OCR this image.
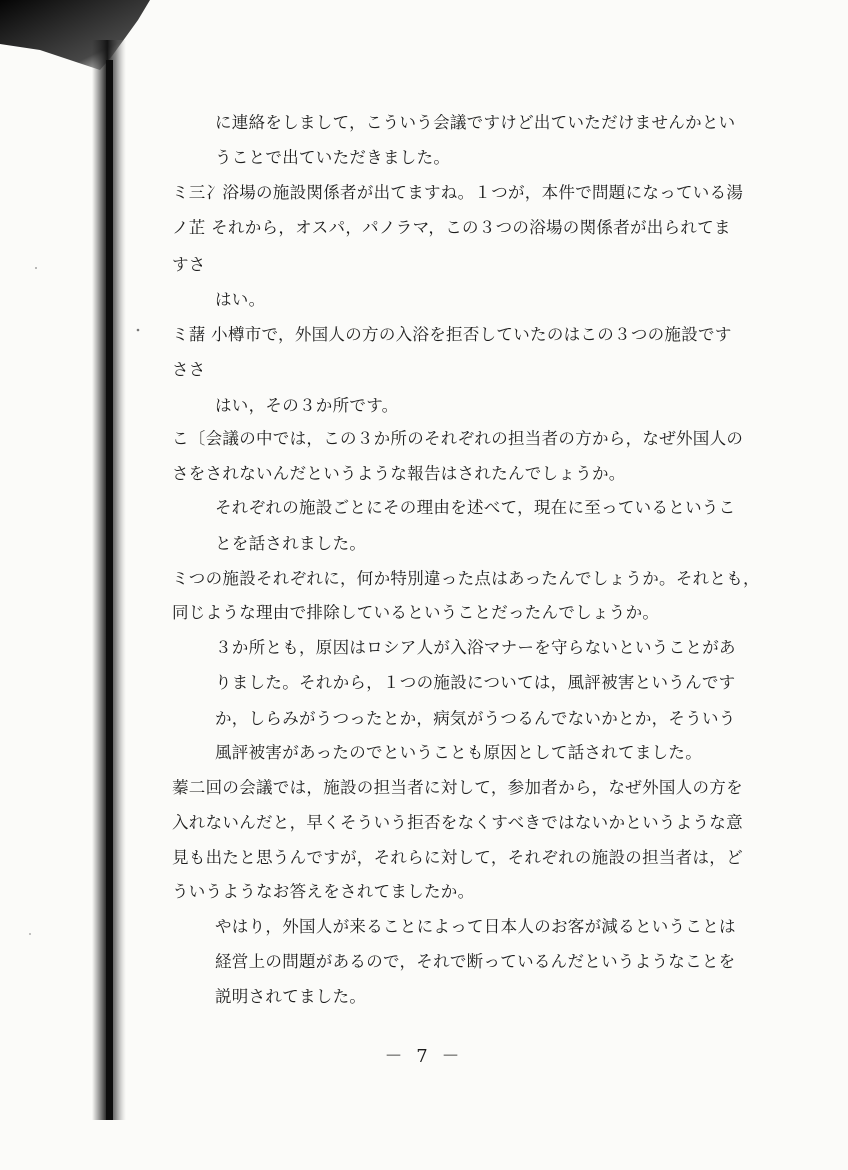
に連絡をしまして，こういう会議ですけど出ていただけませんかとい

うことで出ていただきました。

ミ三冫浴場の施設関係者が出てますね。１つが，本件で問題になっている湯

ノ芷 それから，オスパ，パノラマ，この３つの浴場の関係者が出られてま

すさ

はい。

ミ藷 小樽市で，外国人の方の入浴を拒否していたのはこの３つの施設です

ささ

はい，その３か所です。

こ〔会議の中では，この３か所のそれぞれの担当者の方から，なぜ外国人の

さをされないんだというような報告はされたんでしょうか。

それぞれの施設ごとにその理由を述べて，現在に至っているというこ

とを話されました。

ミつの施設それぞれに，何か特別違った点はあったんでしょうか。それとも，

同じような理由で排除しているということだったんでしょうか。

３か所とも，原因はロシア人が入浴マナーを守らないということがあ

りました。それから，１つの施設については，風評被害というんです

か，しらみがうつったとか，病気がうつるんでないかとか，そういう

風評被害があったのでということも原因として話されてました。

蓁二回の会議では，施設の担当者に対して，参加者から，なぜ外国人の方を

入れないんだと，早くそういう拒否をなくすべきではないかというような意

見も出たと思うんですが，それらに対して，それぞれの施設の担当者は，ど

ういうようなお答えをされてましたか。

やはり，外国人が来ることによって日本人のお客が減るということは

経営上の問題があるので，それで断っているんだというようなことを

説明されてました。

－ 7 －
